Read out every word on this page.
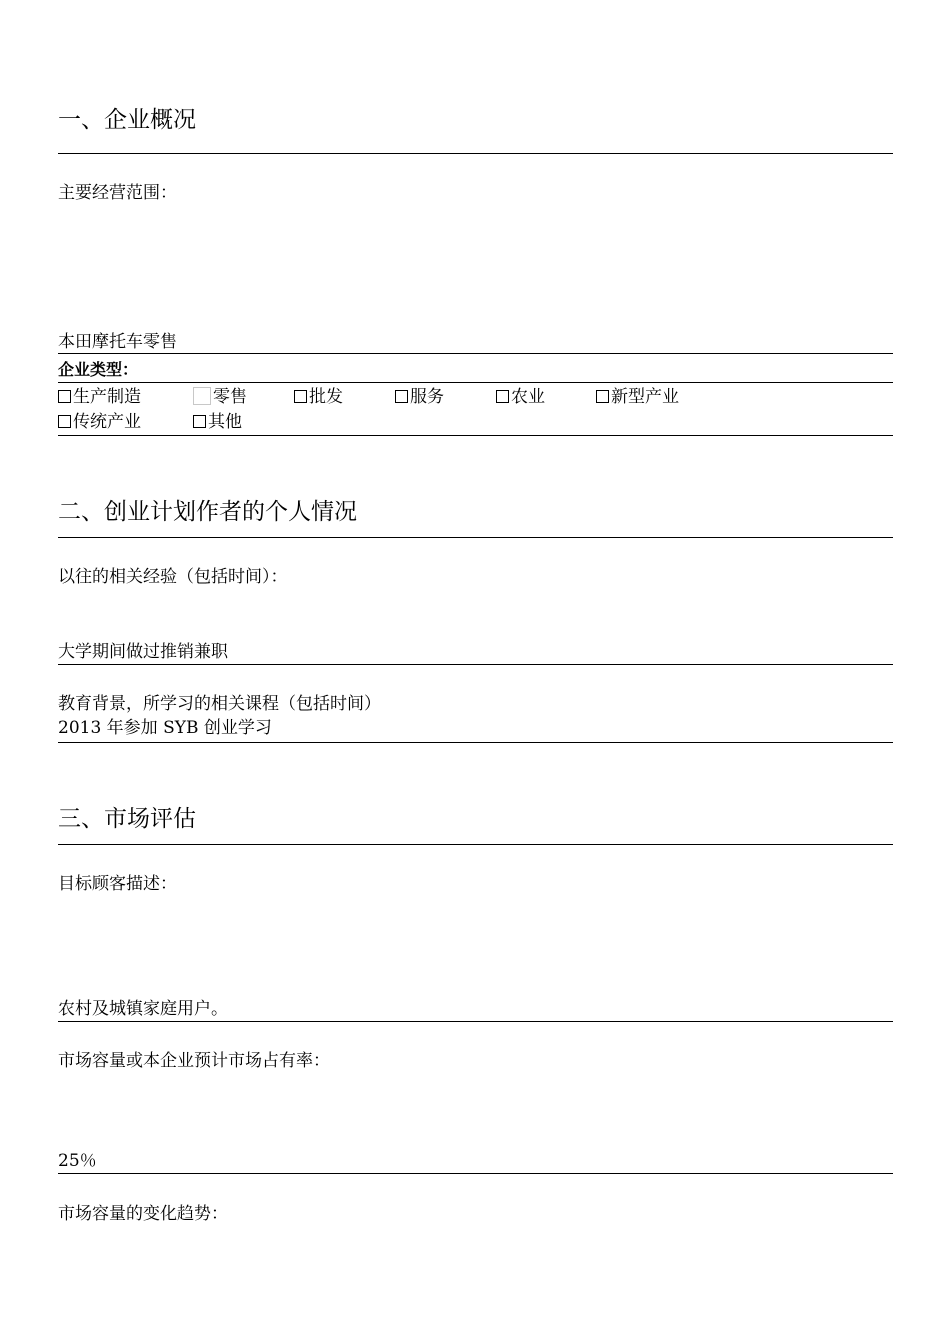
一、企业概况
主要经营范围：
本田摩托车零售
企业类型：
生产制造	零售	批发	服务	农业	新型产业
传统产业	其他
二、创业计划作者的个人情况
以往的相关经验（包括时间）：
大学期间做过推销兼职
教育背景，所学习的相关课程（包括时间）
2013 年参加 SYB 创业学习
三、市场评估
目标顾客描述：
农村及城镇家庭用户。
市场容量或本企业预计市场占有率：
25％
市场容量的变化趋势：
